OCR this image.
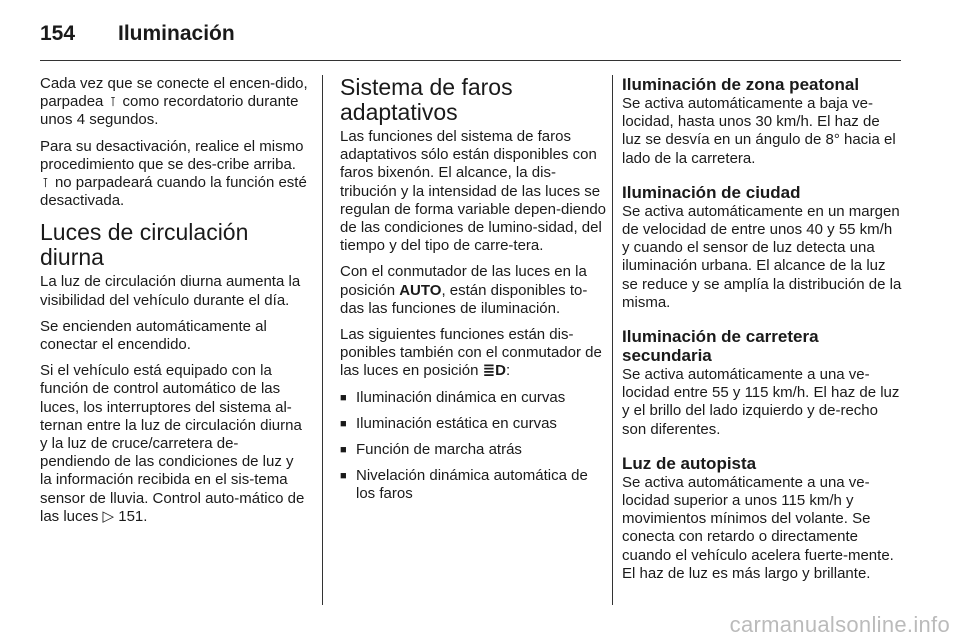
154 Iluminación

Cada vez que se conecte el encen-dido, parpadea ⊺ como recordatorio durante unos 4 segundos.

Para su desactivación, realice el mismo procedimiento que se des-cribe arriba. ⊺ no parpadeará cuando la función esté desactivada.

Luces de circulación diurna

La luz de circulación diurna aumenta la visibilidad del vehículo durante el día.

Se encienden automáticamente al conectar el encendido.

Si el vehículo está equipado con la función de control automático de las luces, los interruptores del sistema al-ternan entre la luz de circulación diurna y la luz de cruce/carretera de-pendiendo de las condiciones de luz y la información recibida en el sis-tema sensor de lluvia. Control auto-mático de las luces ▷ 151.

Sistema de faros adaptativos

Las funciones del sistema de faros adaptativos sólo están disponibles con faros bixenón. El alcance, la dis-tribución y la intensidad de las luces se regulan de forma variable depen-diendo de las condiciones de lumino-sidad, del tiempo y del tipo de carre-tera.

Con el conmutador de las luces en la posición AUTO, están disponibles to-das las funciones de iluminación.

Las siguientes funciones están dis-ponibles también con el conmutador de las luces en posición ≣D:

■ Iluminación dinámica en curvas
■ Iluminación estática en curvas
■ Función de marcha atrás
■ Nivelación dinámica automática de los faros
Iluminación de zona peatonal

Se activa automáticamente a baja ve-locidad, hasta unos 30 km/h. El haz de luz se desvía en un ángulo de 8° hacia el lado de la carretera.

Iluminación de ciudad

Se activa automáticamente en un margen de velocidad de entre unos 40 y 55 km/h y cuando el sensor de luz detecta una iluminación urbana. El alcance de la luz se reduce y se amplía la distribución de la misma.

Iluminación de carretera secundaria

Se activa automáticamente a una ve-locidad entre 55 y 115 km/h. El haz de luz y el brillo del lado izquierdo y de-recho son diferentes.

Luz de autopista

Se activa automáticamente a una ve-locidad superior a unos 115 km/h y movimientos mínimos del volante. Se conecta con retardo o directamente cuando el vehículo acelera fuerte-mente. El haz de luz es más largo y brillante.

carmanualsonline.info
